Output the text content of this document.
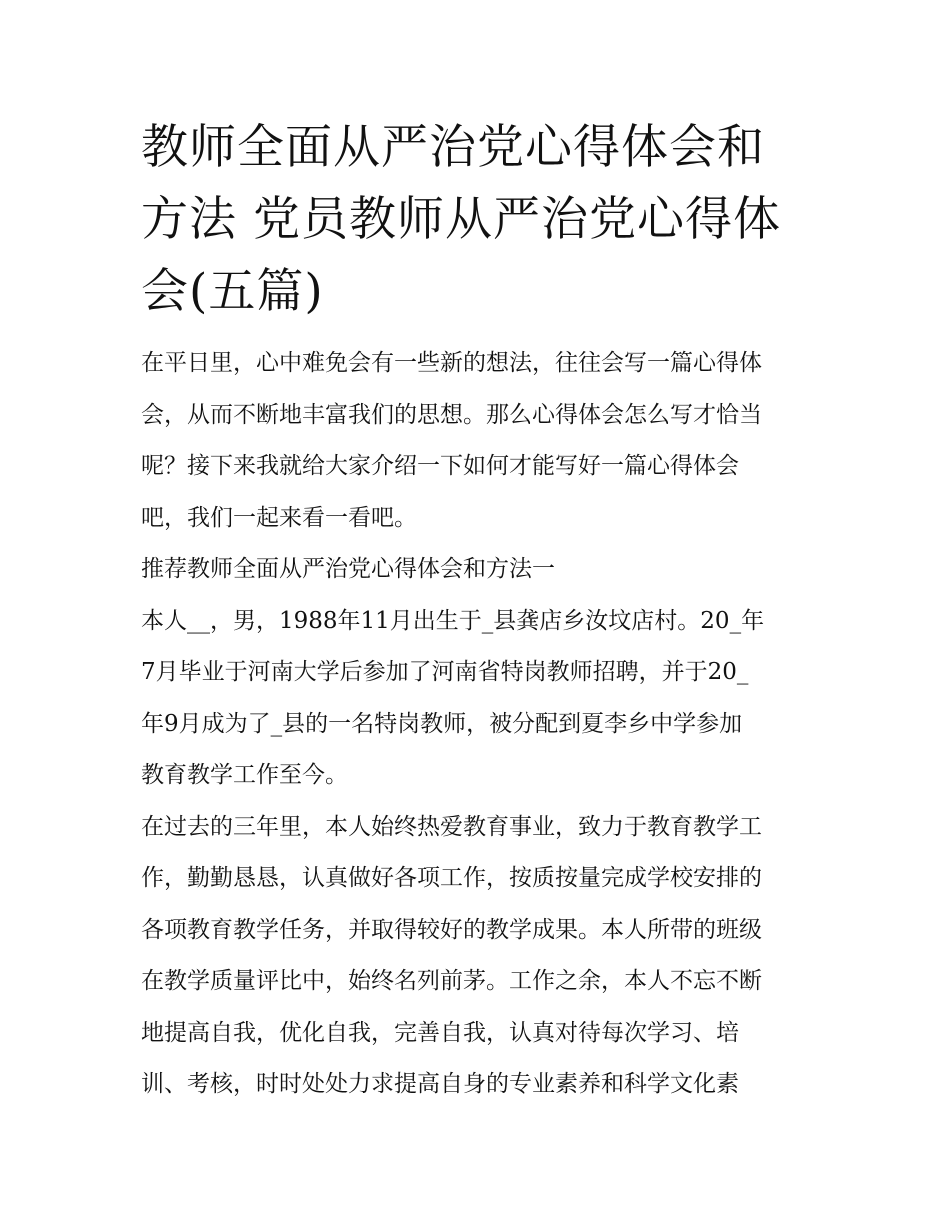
教师全面从严治党心得体会和
方法 党员教师从严治党心得体
会(五篇)

在平日里，心中难免会有一些新的想法，往往会写一篇心得体
会，从而不断地丰富我们的思想。那么心得体会怎么写才恰当
呢？接下来我就给大家介绍一下如何才能写好一篇心得体会
吧，我们一起来看一看吧。

推荐教师全面从严治党心得体会和方法一

本人__，男，1988年11月出生于_县龚店乡汝坟店村。20_年
7月毕业于河南大学后参加了河南省特岗教师招聘，并于20_
年9月成为了_县的一名特岗教师，被分配到夏李乡中学参加
教育教学工作至今。

在过去的三年里，本人始终热爱教育事业，致力于教育教学工
作，勤勤恳恳，认真做好各项工作，按质按量完成学校安排的
各项教育教学任务，并取得较好的教学成果。本人所带的班级
在教学质量评比中，始终名列前茅。工作之余，本人不忘不断
地提高自我，优化自我，完善自我，认真对待每次学习、培
训、考核，时时处处力求提高自身的专业素养和科学文化素
